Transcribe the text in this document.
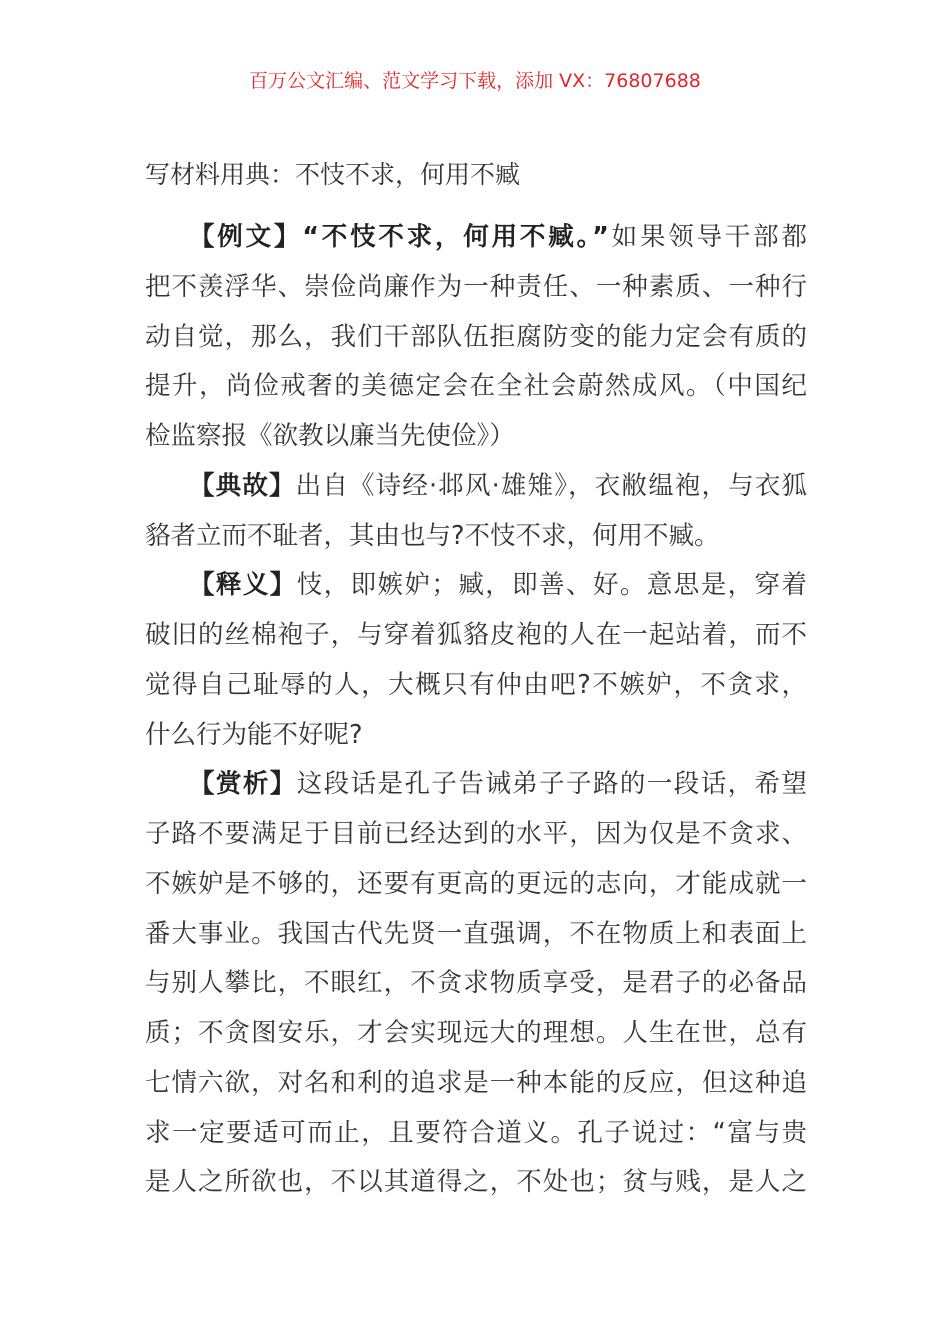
百万公文汇编、范文学习下载，添加 VX：76807688
写材料用典：不忮不求，何用不臧
【例文】“不忮不求，何用不臧。”如果领导干部都
把不羡浮华、崇俭尚廉作为一种责任、一种素质、一种行
动自觉，那么，我们干部队伍拒腐防变的能力定会有质的
提升，尚俭戒奢的美德定会在全社会蔚然成风。（中国纪
检监察报《欲教以廉当先使俭》）
【典故】出自《诗经·邶风·雄雉》，衣敝缊袍，与衣狐
貉者立而不耻者，其由也与?不忮不求，何用不臧。
【释义】忮，即嫉妒；臧，即善、好。意思是，穿着
破旧的丝棉袍子，与穿着狐貉皮袍的人在一起站着，而不
觉得自己耻辱的人，大概只有仲由吧?不嫉妒，不贪求，
什么行为能不好呢?
【赏析】这段话是孔子告诫弟子子路的一段话，希望
子路不要满足于目前已经达到的水平，因为仅是不贪求、
不嫉妒是不够的，还要有更高的更远的志向，才能成就一
番大事业。我国古代先贤一直强调，不在物质上和表面上
与别人攀比，不眼红，不贪求物质享受，是君子的必备品
质；不贪图安乐，才会实现远大的理想。人生在世，总有
七情六欲，对名和利的追求是一种本能的反应，但这种追
求一定要适可而止，且要符合道义。孔子说过：“富与贵
是人之所欲也，不以其道得之，不处也；贫与贱，是人之
